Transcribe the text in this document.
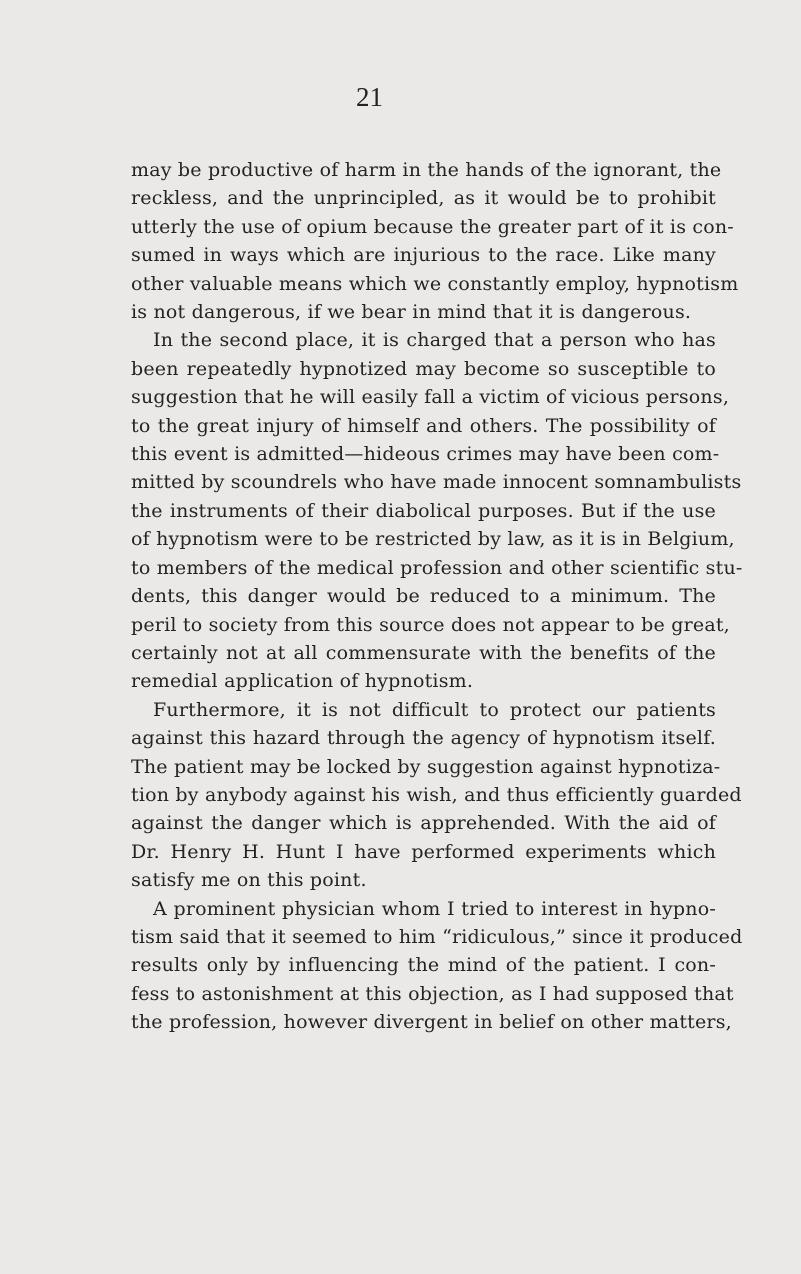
21
may be productive of harm in the hands of the ignorant, the
reckless, and the unprincipled, as it would be to prohibit
utterly the use of opium because the greater part of it is con-
sumed in ways which are injurious to the race. Like many
other valuable means which we constantly employ, hypnotism
is not dangerous, if we bear in mind that it is dangerous.
In the second place, it is charged that a person who has
been repeatedly hypnotized may become so susceptible to
suggestion that he will easily fall a victim of vicious persons,
to the great injury of himself and others. The possibility of
this event is admitted—hideous crimes may have been com-
mitted by scoundrels who have made innocent somnambulists
the instruments of their diabolical purposes. But if the use
of hypnotism were to be restricted by law, as it is in Belgium,
to members of the medical profession and other scientific stu-
dents, this danger would be reduced to a minimum. The
peril to society from this source does not appear to be great,
certainly not at all commensurate with the benefits of the
remedial application of hypnotism.
Furthermore, it is not difficult to protect our patients
against this hazard through the agency of hypnotism itself.
The patient may be locked by suggestion against hypnotiza-
tion by anybody against his wish, and thus efficiently guarded
against the danger which is apprehended. With the aid of
Dr. Henry H. Hunt I have performed experiments which
satisfy me on this point.
A prominent physician whom I tried to interest in hypno-
tism said that it seemed to him “ridiculous,” since it produced
results only by influencing the mind of the patient. I con-
fess to astonishment at this objection, as I had supposed that
the profession, however divergent in belief on other matters,
